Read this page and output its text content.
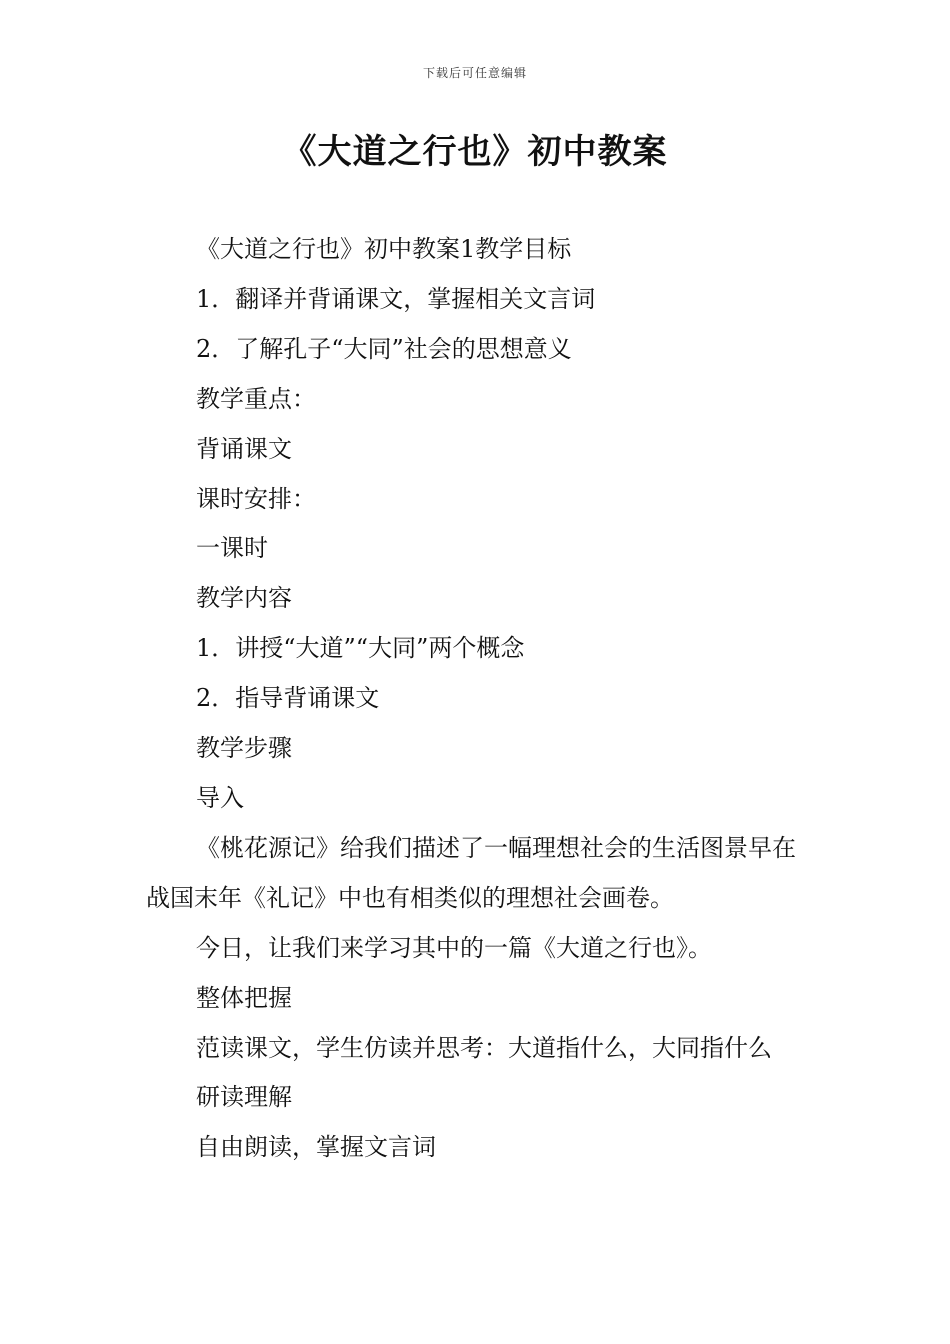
下载后可任意编辑
《大道之行也》初中教案

《大道之行也》初中教案1教学目标

1．翻译并背诵课文，掌握相关文言词

2．了解孔子“大同”社会的思想意义

教学重点：

背诵课文

课时安排：

一课时

教学内容

1．讲授“大道”“大同”两个概念

2．指导背诵课文

教学步骤

导入

《桃花源记》给我们描述了一幅理想社会的生活图景早在战国末年《礼记》中也有相类似的理想社会画卷。

今日，让我们来学习其中的一篇《大道之行也》。

整体把握

范读课文，学生仿读并思考：大道指什么，大同指什么

研读理解

自由朗读，掌握文言词
